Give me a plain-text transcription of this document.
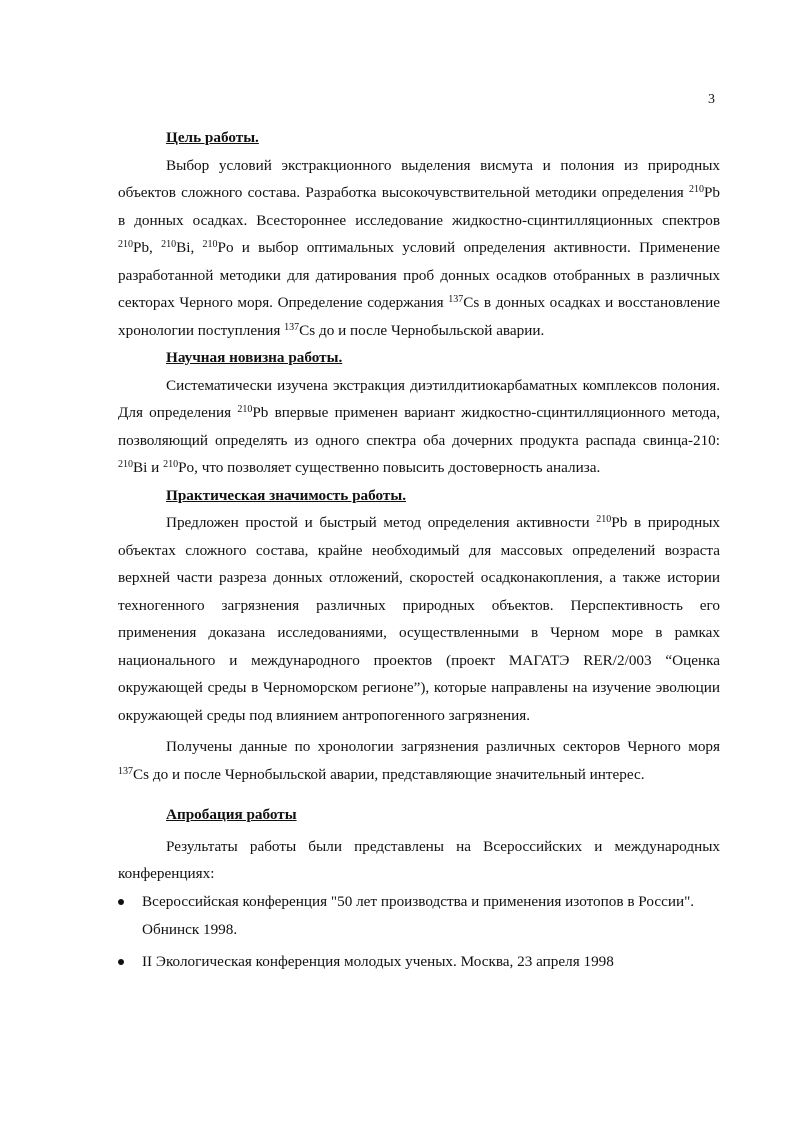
3
Цель работы.

Выбор условий экстракционного выделения висмута и полония из природных объектов сложного состава. Разработка высокочувствительной методики определения $^{210}$Pb в донных осадках. Всестороннее исследование жидкостно-сцинтилляционных спектров $^{210}$Pb, $^{210}$Bi, $^{210}$Po и выбор оптимальных условий определения активности. Применение разработанной методики для датирования проб донных осадков отобранных в различных секторах Черного моря. Определение содержания $^{137}$Cs в донных осадках и восстановление хронологии поступления $^{137}$Cs до и после Чернобыльской аварии.

Научная новизна работы.

Систематически изучена экстракция диэтилдитиокарбаматных комплексов полония. Для определения $^{210}$Pb впервые применен вариант жидкостно-сцинтилляционного метода, позволяющий определять из одного спектра оба дочерних продукта распада свинца-210: $^{210}$Bi и $^{210}$Po, что позволяет существенно повысить достоверность анализа.

Практическая значимость работы.

Предложен простой и быстрый метод определения активности $^{210}$Pb в природных объектах сложного состава, крайне необходимый для массовых определений возраста верхней части разреза донных отложений, скоростей осадконакопления, а также истории техногенного загрязнения различных природных объектов. Перспективность его применения доказана исследованиями, осуществленными в Черном море в рамках национального и международного проектов (проект МАГАТЭ RER/2/003 “Оценка окружающей среды в Черноморском регионе”), которые направлены на изучение эволюции окружающей среды под влиянием антропогенного загрязнения.

Получены данные по хронологии загрязнения различных секторов Черного моря $^{137}$Cs до и после Чернобыльской аварии, представляющие значительный интерес.

Апробация работы

Результаты работы были представлены на Всероссийских и международных конференциях:

Всероссийская конференция "50 лет производства и применения изотопов в России". Обнинск 1998.
II Экологическая конференция молодых ученых. Москва, 23 апреля 1998
